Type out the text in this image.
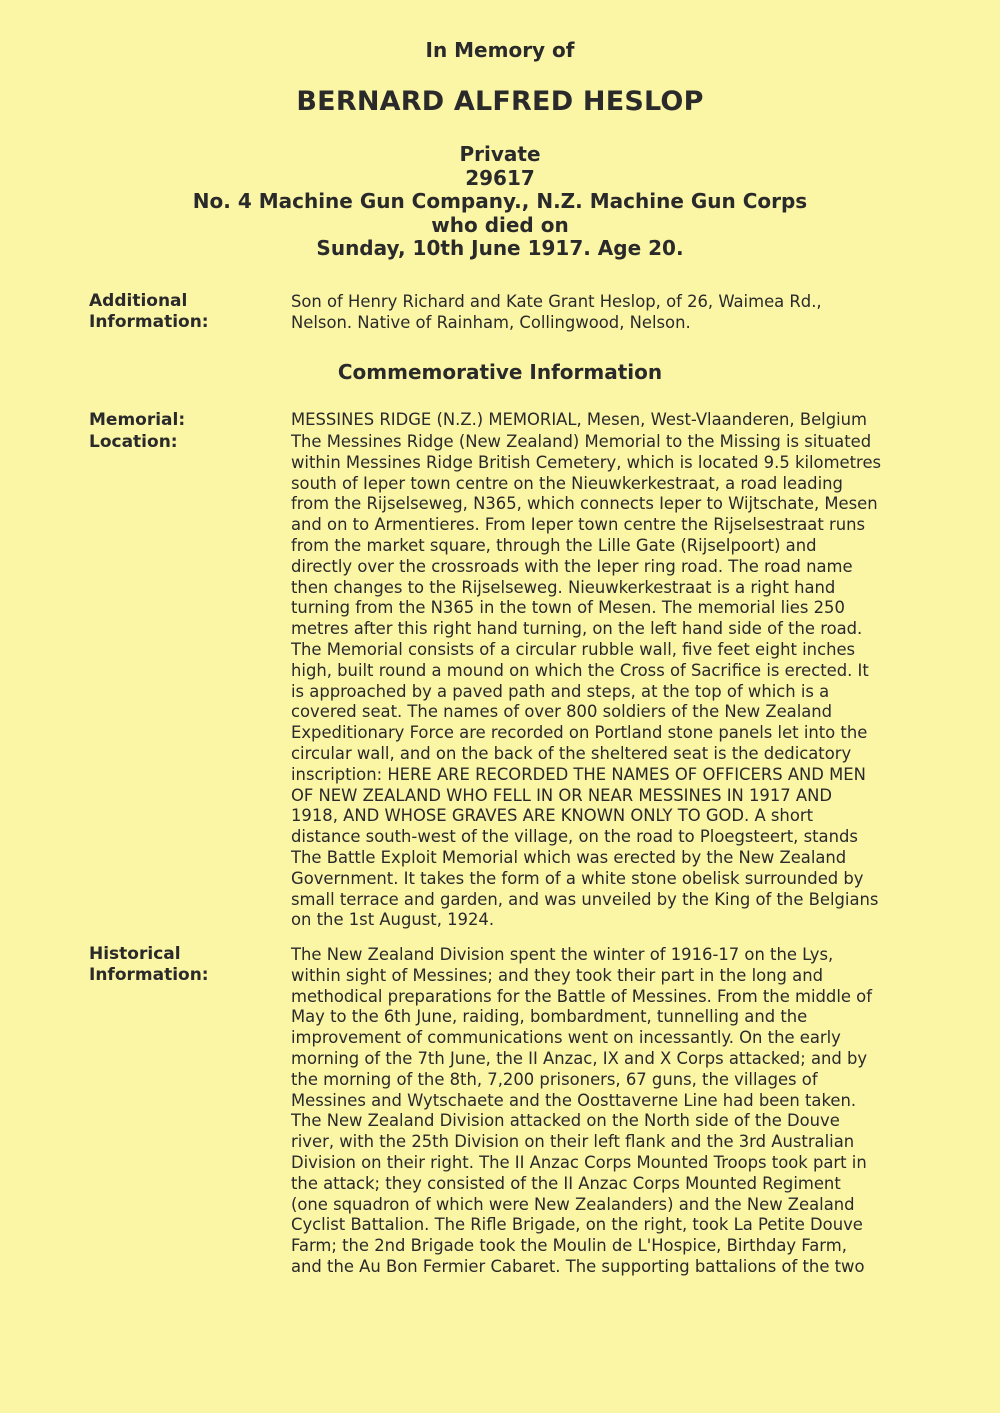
In Memory of
BERNARD ALFRED HESLOP
Private
29617
No. 4 Machine Gun Company., N.Z. Machine Gun Corps
who died on
Sunday, 10th June 1917. Age 20.
Additional
Information:
Son of Henry Richard and Kate Grant Heslop, of 26, Waimea Rd.,
Nelson. Native of Rainham, Collingwood, Nelson.
Commemorative Information
Memorial:	MESSINES RIDGE (N.Z.) MEMORIAL, Mesen, West-Vlaanderen, Belgium
Location:	The Messines Ridge (New Zealand) Memorial to the Missing is situated
within Messines Ridge British Cemetery, which is located 9.5 kilometres
south of Ieper town centre on the Nieuwkerkestraat, a road leading
from the Rijselseweg, N365, which connects Ieper to Wijtschate, Mesen
and on to Armentieres. From Ieper town centre the Rijselsestraat runs
from the market square, through the Lille Gate (Rijselpoort) and
directly over the crossroads with the Ieper ring road. The road name
then changes to the Rijselseweg. Nieuwkerkestraat is a right hand
turning from the N365 in the town of Mesen. The memorial lies 250
metres after this right hand turning, on the left hand side of the road.
The Memorial consists of a circular rubble wall, five feet eight inches
high, built round a mound on which the Cross of Sacrifice is erected. It
is approached by a paved path and steps, at the top of which is a
covered seat. The names of over 800 soldiers of the New Zealand
Expeditionary Force are recorded on Portland stone panels let into the
circular wall, and on the back of the sheltered seat is the dedicatory
inscription: HERE ARE RECORDED THE NAMES OF OFFICERS AND MEN
OF NEW ZEALAND WHO FELL IN OR NEAR MESSINES IN 1917 AND
1918, AND WHOSE GRAVES ARE KNOWN ONLY TO GOD. A short
distance south-west of the village, on the road to Ploegsteert, stands
The Battle Exploit Memorial which was erected by the New Zealand
Government. It takes the form of a white stone obelisk surrounded by
small terrace and garden, and was unveiled by the King of the Belgians
on the 1st August, 1924.
Historical
Information:
The New Zealand Division spent the winter of 1916-17 on the Lys,
within sight of Messines; and they took their part in the long and
methodical preparations for the Battle of Messines. From the middle of
May to the 6th June, raiding, bombardment, tunnelling and the
improvement of communications went on incessantly. On the early
morning of the 7th June, the II Anzac, IX and X Corps attacked; and by
the morning of the 8th, 7,200 prisoners, 67 guns, the villages of
Messines and Wytschaete and the Oosttaverne Line had been taken.
The New Zealand Division attacked on the North side of the Douve
river, with the 25th Division on their left flank and the 3rd Australian
Division on their right. The II Anzac Corps Mounted Troops took part in
the attack; they consisted of the II Anzac Corps Mounted Regiment
(one squadron of which were New Zealanders) and the New Zealand
Cyclist Battalion. The Rifle Brigade, on the right, took La Petite Douve
Farm; the 2nd Brigade took the Moulin de L'Hospice, Birthday Farm,
and the Au Bon Fermier Cabaret. The supporting battalions of the two
